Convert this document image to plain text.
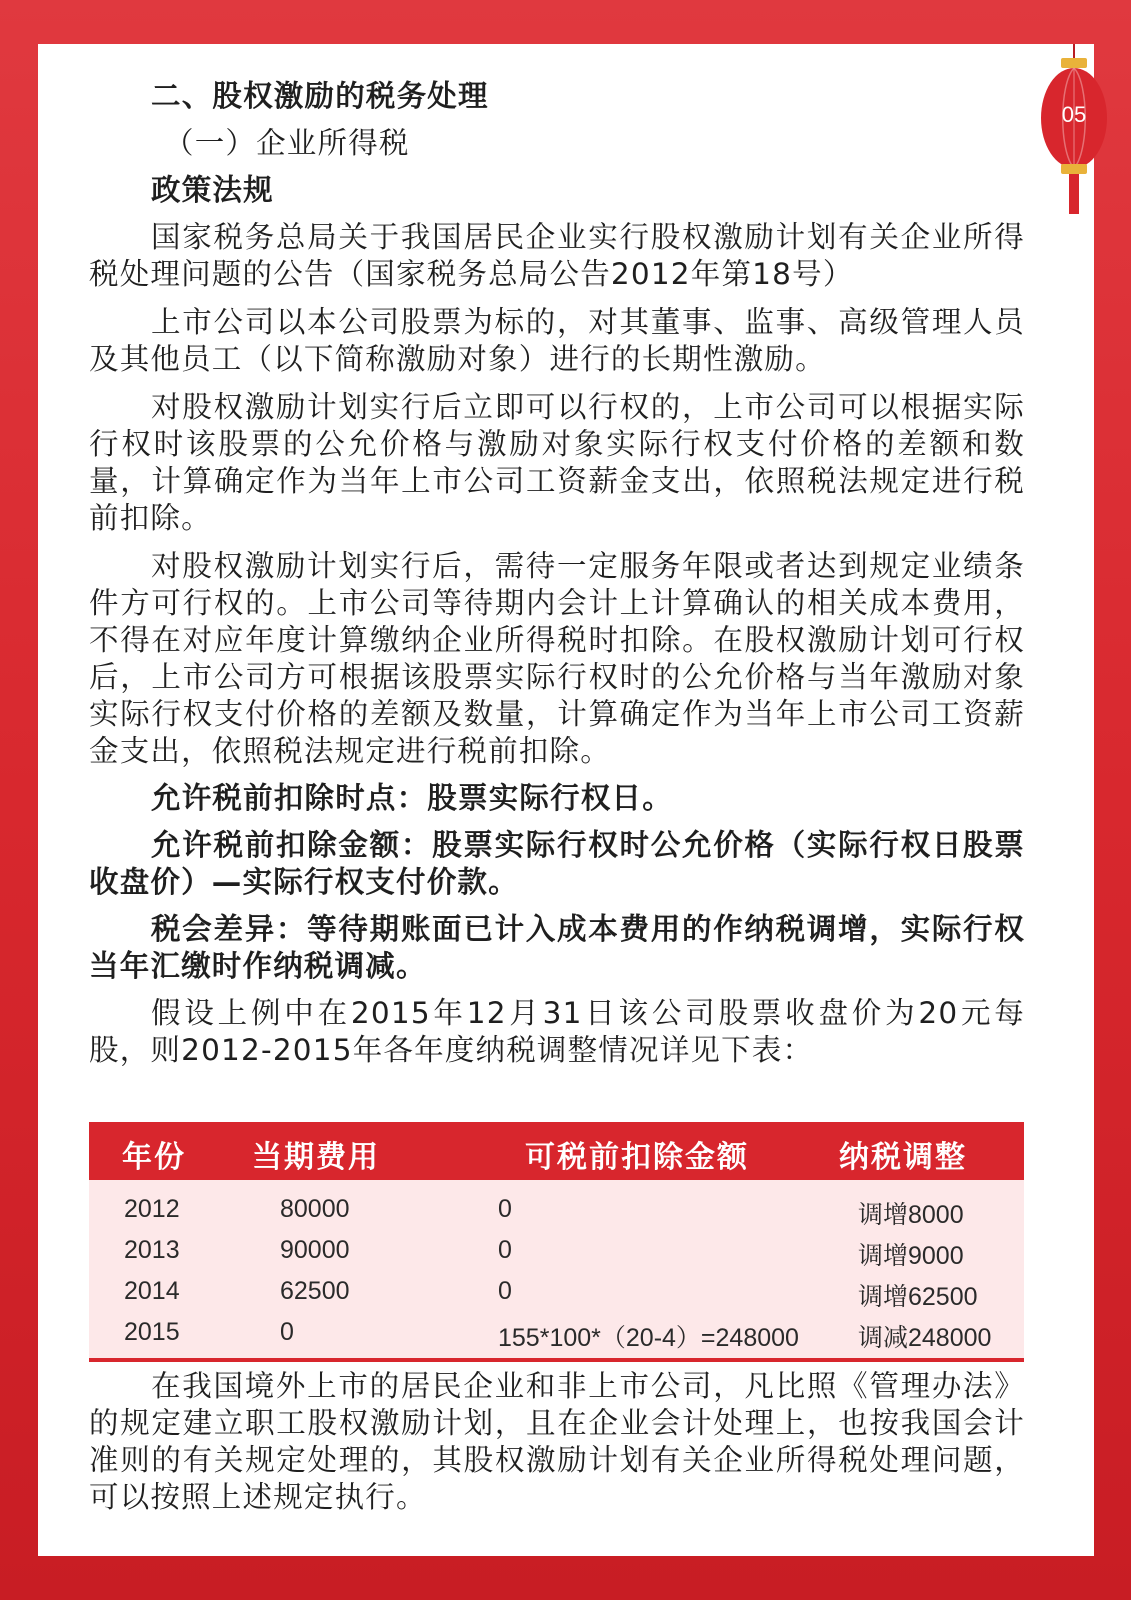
05

二、股权激励的税务处理

（一）企业所得税

政策法规

国家税务总局关于我国居民企业实行股权激励计划有关企业所得税处理问题的公告（国家税务总局公告2012年第18号）

上市公司以本公司股票为标的，对其董事、监事、高级管理人员及其他员工（以下简称激励对象）进行的长期性激励。

对股权激励计划实行后立即可以行权的，上市公司可以根据实际行权时该股票的公允价格与激励对象实际行权支付价格的差额和数量，计算确定作为当年上市公司工资薪金支出，依照税法规定进行税前扣除。

对股权激励计划实行后，需待一定服务年限或者达到规定业绩条件方可行权的。上市公司等待期内会计上计算确认的相关成本费用，不得在对应年度计算缴纳企业所得税时扣除。在股权激励计划可行权后，上市公司方可根据该股票实际行权时的公允价格与当年激励对象实际行权支付价格的差额及数量，计算确定作为当年上市公司工资薪金支出，依照税法规定进行税前扣除。

允许税前扣除时点：股票实际行权日。

允许税前扣除金额：股票实际行权时公允价格（实际行权日股票收盘价）—实际行权支付价款。

税会差异：等待期账面已计入成本费用的作纳税调增，实际行权当年汇缴时作纳税调减。

假设上例中在2015年12月31日该公司股票收盘价为20元每股，则2012-2015年各年度纳税调整情况详见下表：

年份 当期费用	可税前扣除金额	纳税调整
2012	80000	0	调增8000
2013	90000	0	调增9000
2014	62500	0	调增62500
2015	0	155*100*（20-4）=248000 调减248000

在我国境外上市的居民企业和非上市公司，凡比照《管理办法》的规定建立职工股权激励计划，且在企业会计处理上，也按我国会计准则的有关规定处理的，其股权激励计划有关企业所得税处理问题，可以按照上述规定执行。
